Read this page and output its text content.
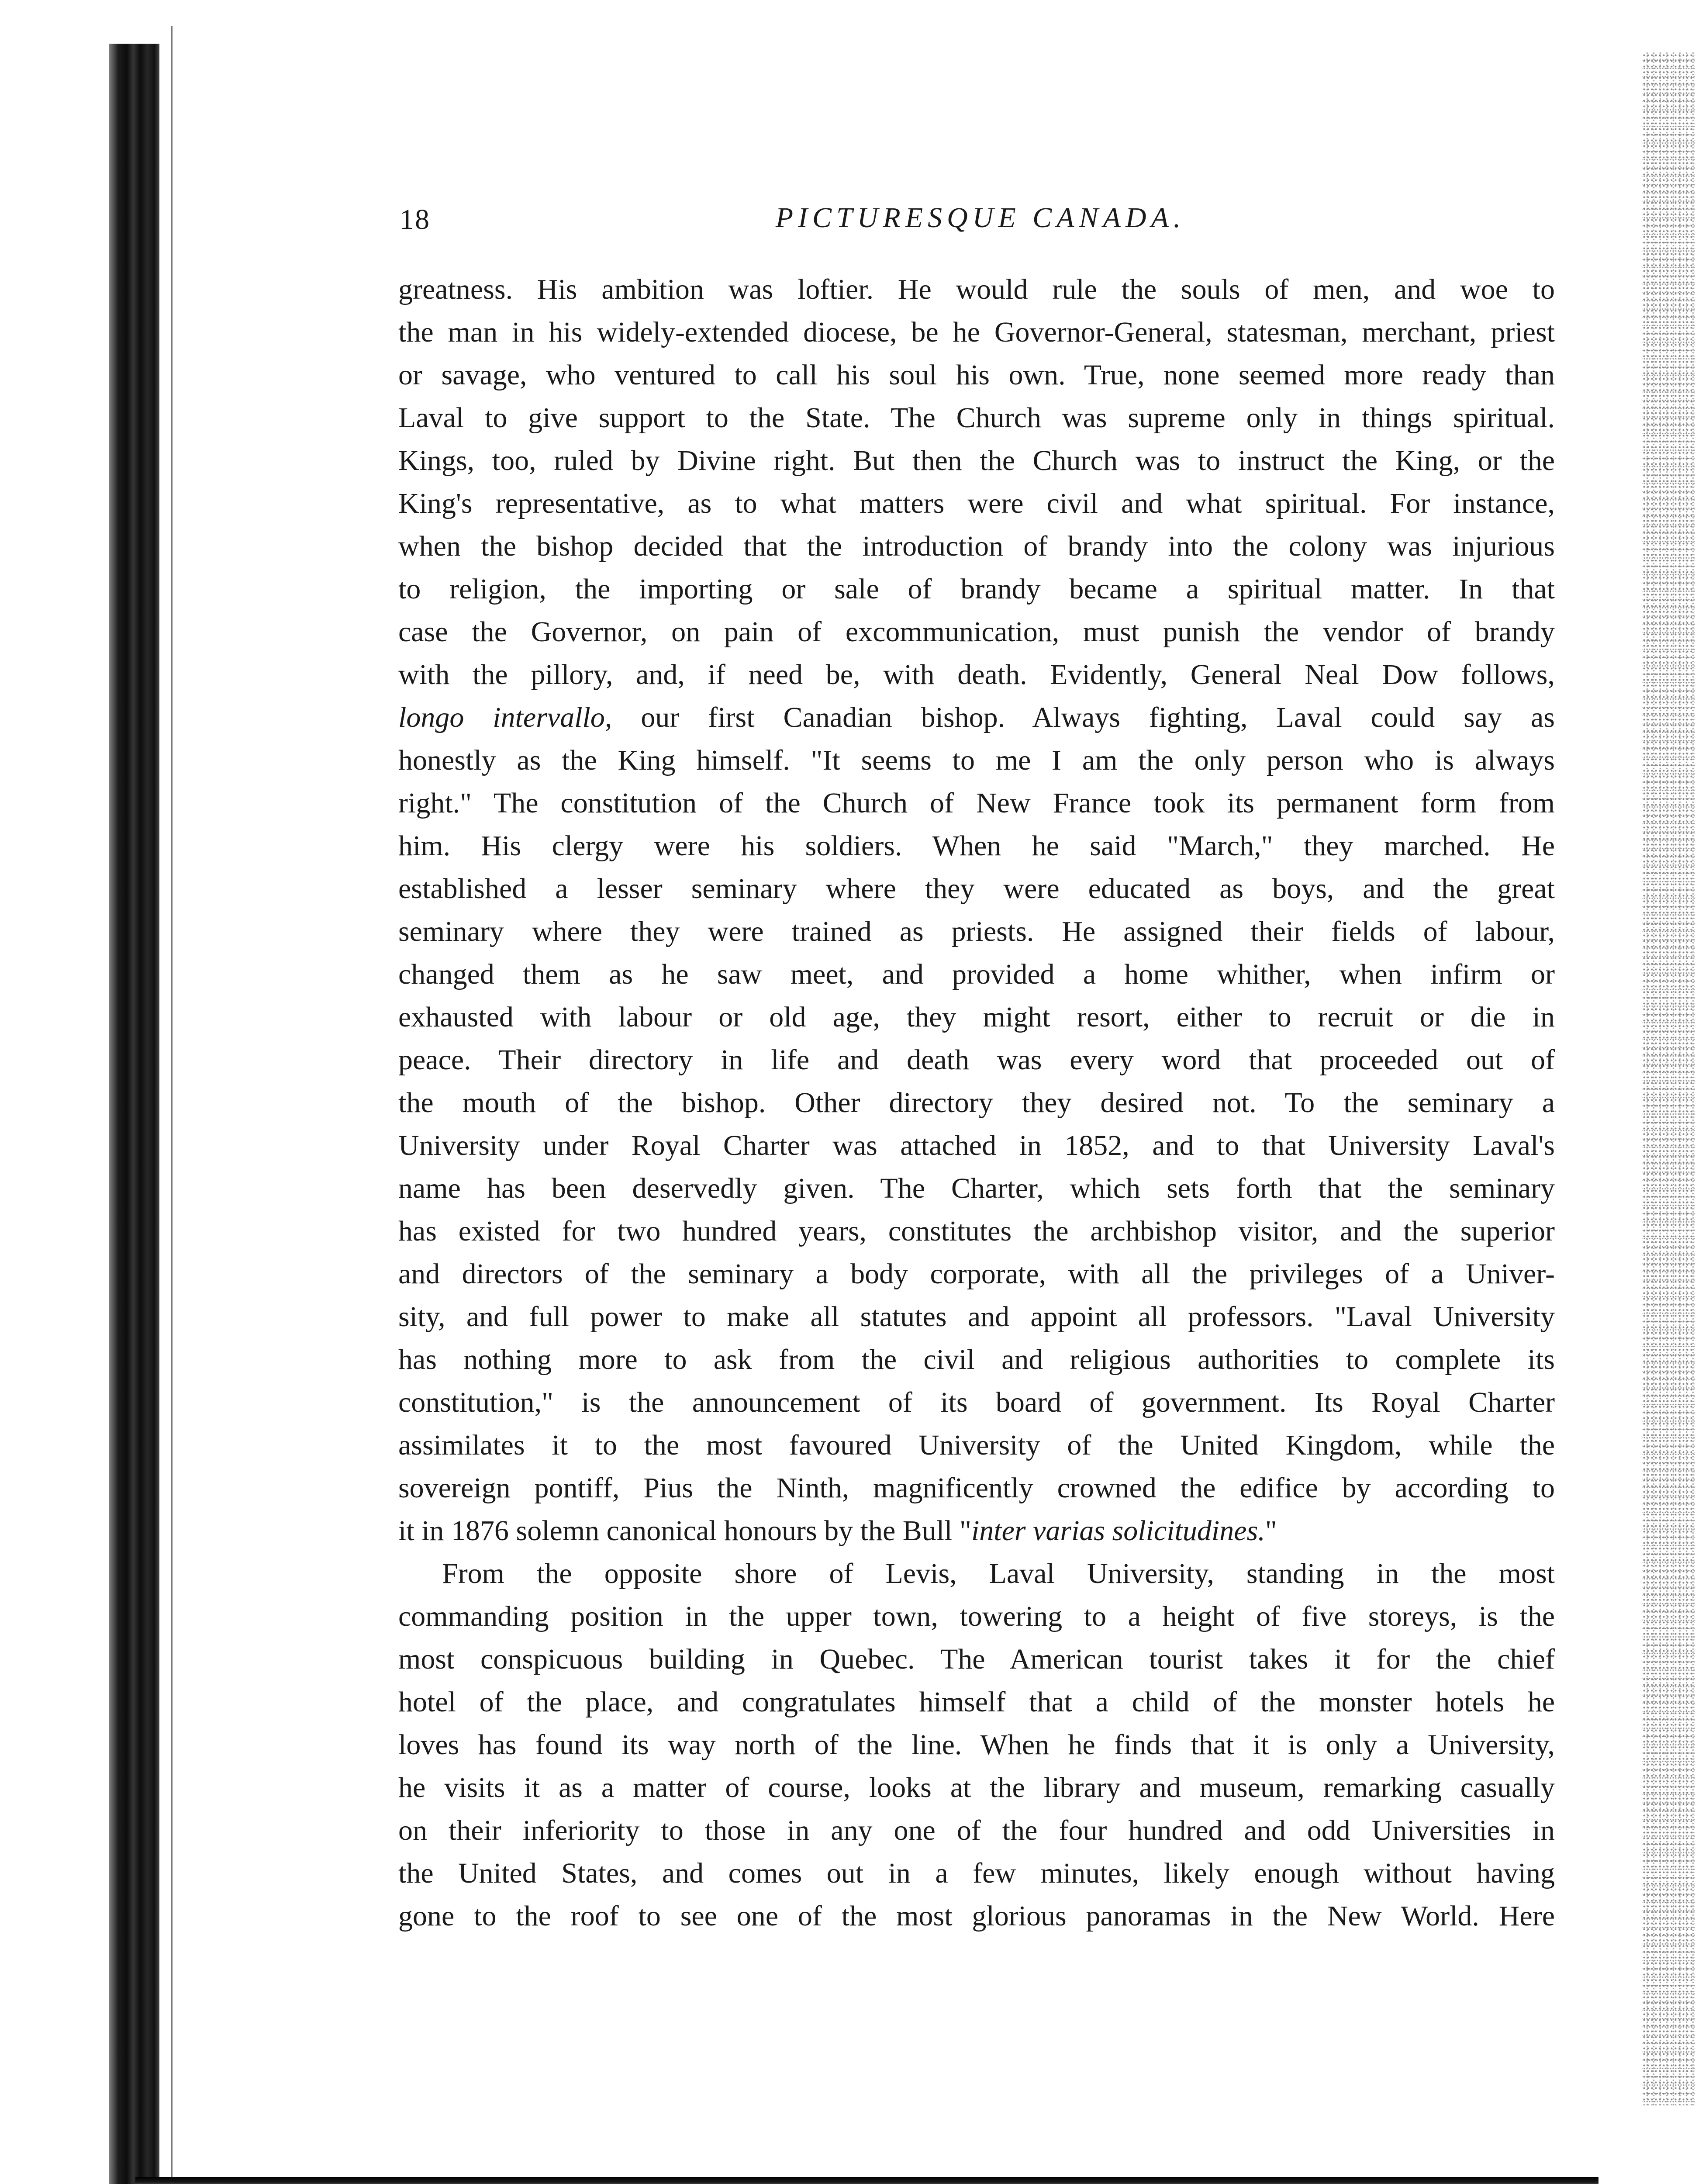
18	PICTURESQUE CANADA.
greatness. His ambition was loftier. He would rule the souls of men, and woe to
the man in his widely-extended diocese, be he Governor-General, statesman, merchant, priest
or savage, who ventured to call his soul his own. True, none seemed more ready than
Laval to give support to the State. The Church was supreme only in things spiritual.
Kings, too, ruled by Divine right. But then the Church was to instruct the King, or the
King's representative, as to what matters were civil and what spiritual. For instance,
when the bishop decided that the introduction of brandy into the colony was injurious
to religion, the importing or sale of brandy became a spiritual matter. In that
case the Governor, on pain of excommunication, must punish the vendor of brandy
with the pillory, and, if need be, with death. Evidently, General Neal Dow follows,
longo intervallo, our first Canadian bishop. Always fighting, Laval could say as
honestly as the King himself. "It seems to me I am the only person who is always
right." The constitution of the Church of New France took its permanent form from
him. His clergy were his soldiers. When he said "March," they marched. He
established a lesser seminary where they were educated as boys, and the great
seminary where they were trained as priests. He assigned their fields of labour,
changed them as he saw meet, and provided a home whither, when infirm or
exhausted with labour or old age, they might resort, either to recruit or die in
peace. Their directory in life and death was every word that proceeded out of
the mouth of the bishop. Other directory they desired not. To the seminary a
University under Royal Charter was attached in 1852, and to that University Laval's
name has been deservedly given. The Charter, which sets forth that the seminary
has existed for two hundred years, constitutes the archbishop visitor, and the superior
and directors of the seminary a body corporate, with all the privileges of a Univer-
sity, and full power to make all statutes and appoint all professors. "Laval University
has nothing more to ask from the civil and religious authorities to complete its
constitution," is the announcement of its board of government. Its Royal Charter
assimilates it to the most favoured University of the United Kingdom, while the
sovereign pontiff, Pius the Ninth, magnificently crowned the edifice by according to
it in 1876 solemn canonical honours by the Bull "inter varias solicitudines."
From the opposite shore of Levis, Laval University, standing in the most
commanding position in the upper town, towering to a height of five storeys, is the
most conspicuous building in Quebec. The American tourist takes it for the chief
hotel of the place, and congratulates himself that a child of the monster hotels he
loves has found its way north of the line. When he finds that it is only a University,
he visits it as a matter of course, looks at the library and museum, remarking casually
on their inferiority to those in any one of the four hundred and odd Universities in
the United States, and comes out in a few minutes, likely enough without having
gone to the roof to see one of the most glorious panoramas in the New World. Here
